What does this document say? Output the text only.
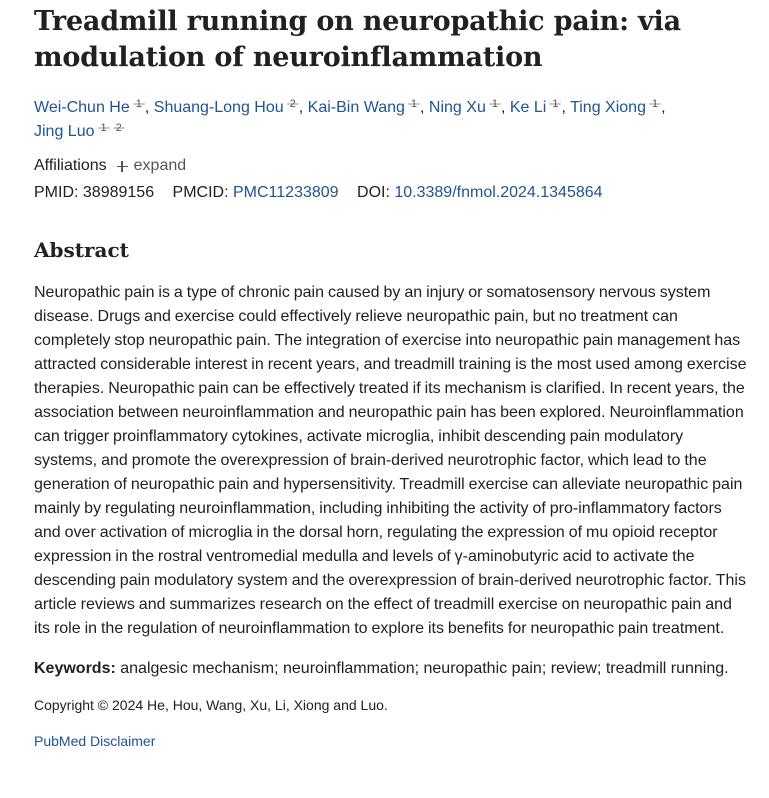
Treadmill running on neuropathic pain: via modulation of neuroinflammation
Wei-Chun He $^1$ , Shuang-Long Hou $^2$ , Kai-Bin Wang $^1$ , Ning Xu $^1$ , Ke Li $^1$ , Ting Xiong $^1$ ,
Jing Luo $^{1 2}$
Affiliations expand
PMID: 38989156 PMCID: PMC11233809 DOI: 10.3389/fnmol.2024.1345864
Abstract

Neuropathic pain is a type of chronic pain caused by an injury or somatosensory nervous system disease. Drugs and exercise could effectively relieve neuropathic pain, but no treatment can completely stop neuropathic pain. The integration of exercise into neuropathic pain management has attracted considerable interest in recent years, and treadmill training is the most used among exercise therapies. Neuropathic pain can be effectively treated if its mechanism is clarified. In recent years, the association between neuroinflammation and neuropathic pain has been explored. Neuroinflammation can trigger proinflammatory cytokines, activate microglia, inhibit descending pain modulatory systems, and promote the overexpression of brain-derived neurotrophic factor, which lead to the generation of neuropathic pain and hypersensitivity. Treadmill exercise can alleviate neuropathic pain mainly by regulating neuroinflammation, including inhibiting the activity of pro-inflammatory factors and over activation of microglia in the dorsal horn, regulating the expression of mu opioid receptor expression in the rostral ventromedial medulla and levels of γ-aminobutyric acid to activate the descending pain modulatory system and the overexpression of brain-derived neurotrophic factor. This article reviews and summarizes research on the effect of treadmill exercise on neuropathic pain and its role in the regulation of neuroinflammation to explore its benefits for neuropathic pain treatment.

Keywords: analgesic mechanism; neuroinflammation; neuropathic pain; review; treadmill running.
Copyright © 2024 He, Hou, Wang, Xu, Li, Xiong and Luo.
PubMed Disclaimer
